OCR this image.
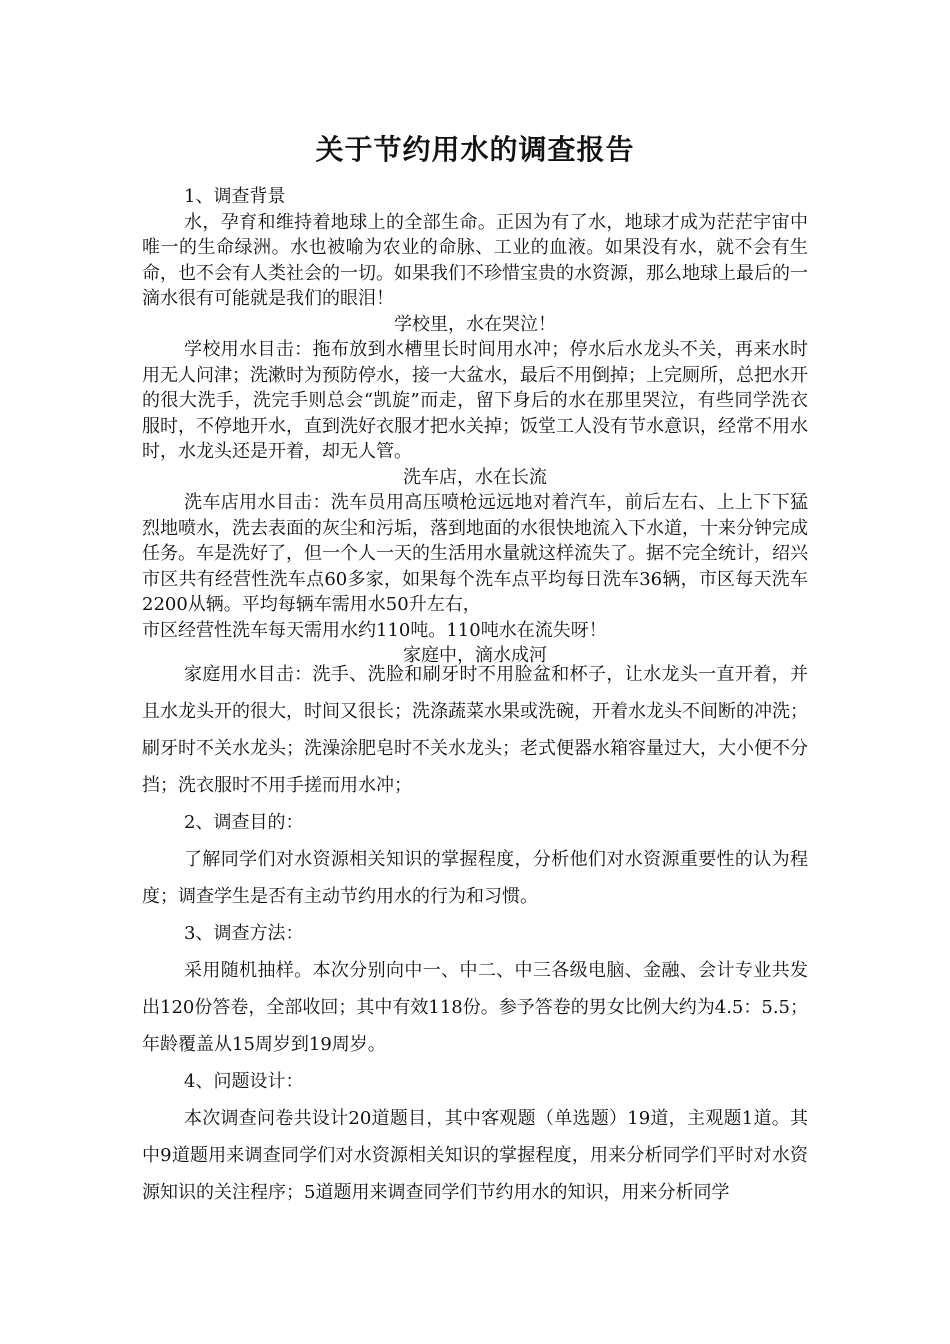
关于节约用水的调查报告

1、调查背景

水，孕育和维持着地球上的全部生命。正因为有了水，地球才成为茫茫宇宙中唯一的生命绿洲。水也被喻为农业的命脉、工业的血液。如果没有水，就不会有生命，也不会有人类社会的一切。如果我们不珍惜宝贵的水资源，那么地球上最后的一滴水很有可能就是我们的眼泪！

学校里，水在哭泣！

学校用水目击：拖布放到水槽里长时间用水冲；停水后水龙头不关，再来水时用无人问津；洗漱时为预防停水，接一大盆水，最后不用倒掉；上完厕所，总把水开的很大洗手，洗完手则总会“凯旋”而走，留下身后的水在那里哭泣，有些同学洗衣服时，不停地开水，直到洗好衣服才把水关掉；饭堂工人没有节水意识，经常不用水时，水龙头还是开着，却无人管。

洗车店，水在长流

洗车店用水目击：洗车员用高压喷枪远远地对着汽车，前后左右、上上下下猛烈地喷水，洗去表面的灰尘和污垢，落到地面的水很快地流入下水道，十来分钟完成任务。车是洗好了，但一个人一天的生活用水量就这样流失了。据不完全统计，绍兴市区共有经营性洗车点60多家，如果每个洗车点平均每日洗车36辆，市区每天洗车2200从辆。平均每辆车需用水50升左右，

市区经营性洗车每天需用水约110吨。110吨水在流失呀！

家庭中，滴水成河

家庭用水目击：洗手、洗脸和刷牙时不用脸盆和杯子，让水龙头一直开着，并且水龙头开的很大，时间又很长；洗涤蔬菜水果或洗碗，开着水龙头不间断的冲洗；刷牙时不关水龙头；洗澡涂肥皂时不关水龙头；老式便器水箱容量过大，大小便不分挡；洗衣服时不用手搓而用水冲；

2、调查目的：

了解同学们对水资源相关知识的掌握程度，分析他们对水资源重要性的认为程度；调查学生是否有主动节约用水的行为和习惯。

3、调查方法：

采用随机抽样。本次分别向中一、中二、中三各级电脑、金融、会计专业共发出120份答卷，全部收回；其中有效118份。参予答卷的男女比例大约为4.5：5.5；年龄覆盖从15周岁到19周岁。

4、问题设计：

本次调查问卷共设计20道题目，其中客观题（单选题）19道，主观题1道。其中9道题用来调查同学们对水资源相关知识的掌握程度，用来分析同学们平时对水资源知识的关注程序；5道题用来调查同学们节约用水的知识，用来分析同学
